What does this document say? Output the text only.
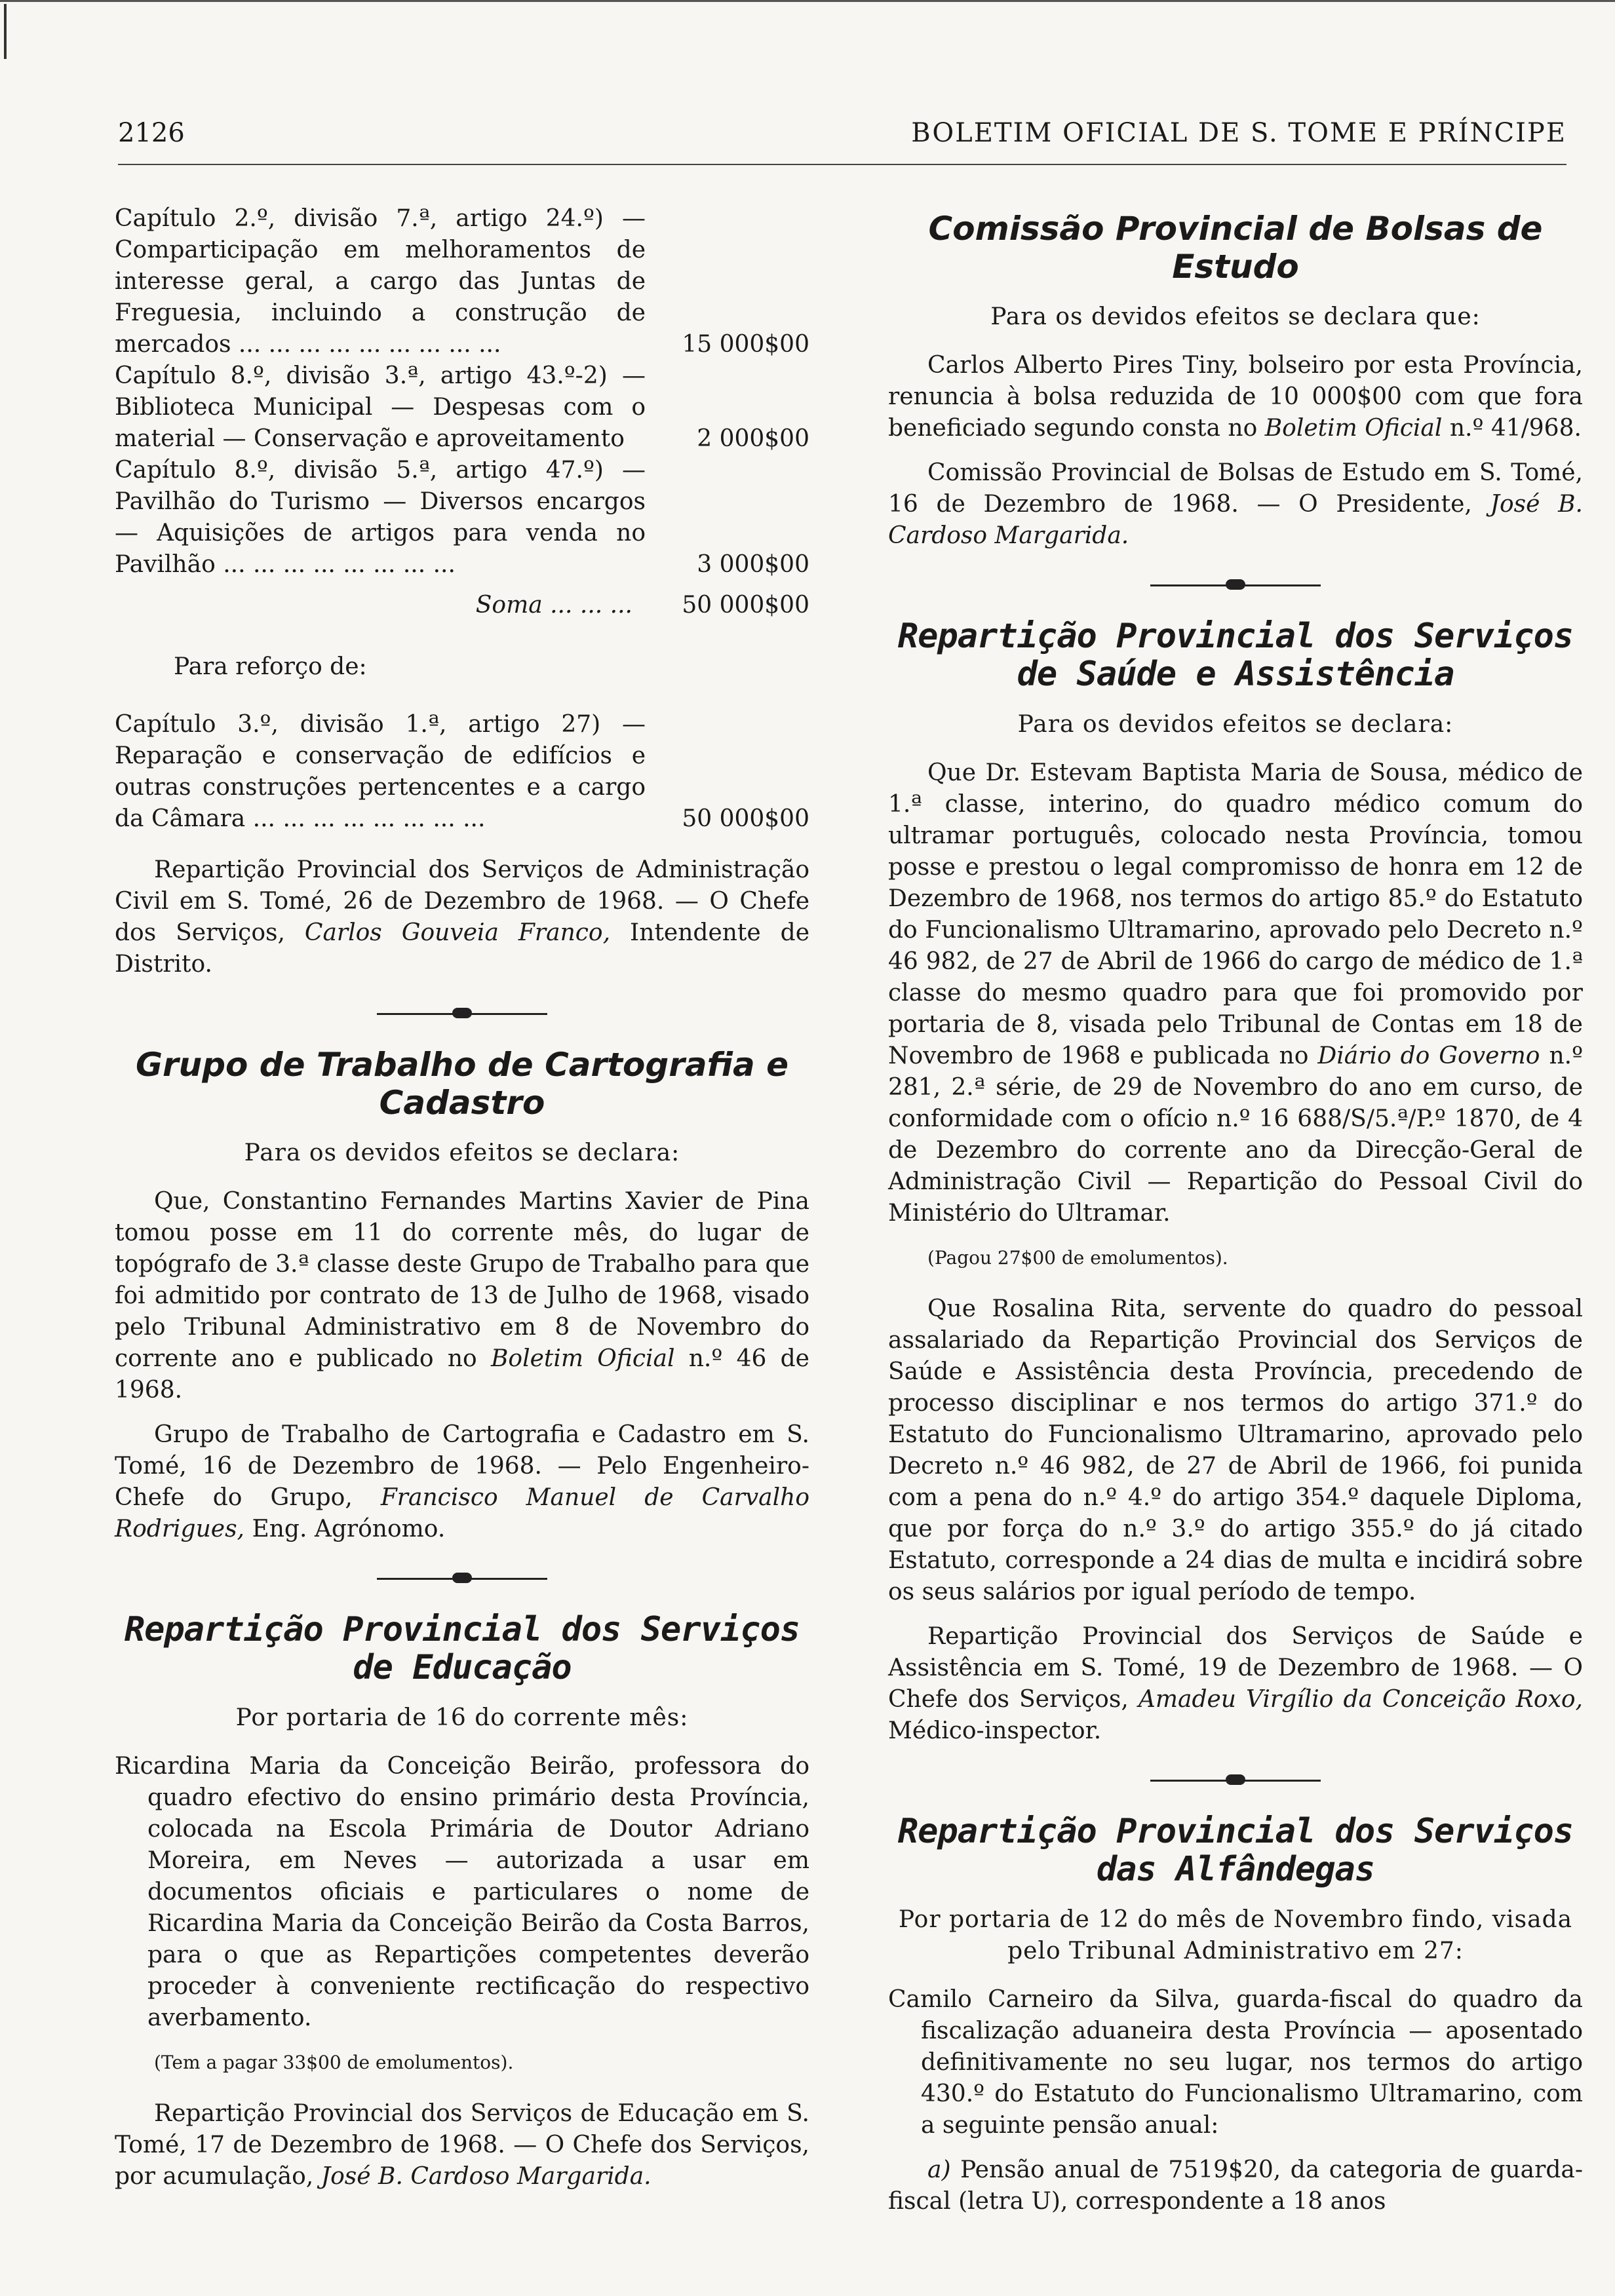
2126	BOLETIM OFICIAL DE S. TOME E PRÍNCIPE

Capítulo 2.º, divisão 7.ª, artigo 24.º) — Comparticipação em melhoramentos de interesse geral, a cargo das Juntas de Freguesia, incluindo a construção de mercados ... ... ... ... ... ... ... ... ...	15 000$00

Capítulo 8.º, divisão 3.ª, artigo 43.º-2) — Biblioteca Municipal — Despesas com o material — Conservação e aproveitamento	2 000$00

Capítulo 8.º, divisão 5.ª, artigo 47.º) — Pavilhão do Turismo — Diversos encargos — Aquisições de artigos para venda no Pavilhão ... ... ... ... ... ... ... ...	3 000$00

Soma ... ... ... 50 000$00

Para reforço de:

Capítulo 3.º, divisão 1.ª, artigo 27) — Reparação e conservação de edifícios e outras construções pertencentes e a cargo da Câmara ... ... ... ... ... ... ... ...	50 000$00

Repartição Provincial dos Serviços de Administração Civil em S. Tomé, 26 de Dezembro de 1968. — O Chefe dos Serviços, Carlos Gouveia Franco, Intendente de Distrito.

Grupo de Trabalho de Cartografia e Cadastro

Para os devidos efeitos se declara:

Que, Constantino Fernandes Martins Xavier de Pina tomou posse em 11 do corrente mês, do lugar de topógrafo de 3.ª classe deste Grupo de Trabalho para que foi admitido por contrato de 13 de Julho de 1968, visado pelo Tribunal Administrativo em 8 de Novembro do corrente ano e publicado no Boletim Oficial n.º 46 de 1968.

Grupo de Trabalho de Cartografia e Cadastro em S. Tomé, 16 de Dezembro de 1968. — Pelo Engenheiro-Chefe do Grupo, Francisco Manuel de Carvalho Rodrigues, Eng. Agrónomo.

Repartição Provincial dos Serviços de Educação

Por portaria de 16 do corrente mês:

Ricardina Maria da Conceição Beirão, professora do quadro efectivo do ensino primário desta Província, colocada na Escola Primária de Doutor Adriano Moreira, em Neves — autorizada a usar em documentos oficiais e particulares o nome de Ricardina Maria da Conceição Beirão da Costa Barros, para o que as Repartições competentes deverão proceder à conveniente rectificação do respectivo averbamento.

(Tem a pagar 33$00 de emolumentos).

Repartição Provincial dos Serviços de Educação em S. Tomé, 17 de Dezembro de 1968. — O Chefe dos Serviços, por acumulação, José B. Cardoso Margarida.

Comissão Provincial de Bolsas de Estudo

Para os devidos efeitos se declara que:

Carlos Alberto Pires Tiny, bolseiro por esta Província, renuncia à bolsa reduzida de 10 000$00 com que fora beneficiado segundo consta no Boletim Oficial n.º 41/968.

Comissão Provincial de Bolsas de Estudo em S. Tomé, 16 de Dezembro de 1968. — O Presidente, José B. Cardoso Margarida.

Repartição Provincial dos Serviços de Saúde e Assistência

Para os devidos efeitos se declara:

Que Dr. Estevam Baptista Maria de Sousa, médico de 1.ª classe, interino, do quadro médico comum do ultramar português, colocado nesta Província, tomou posse e prestou o legal compromisso de honra em 12 de Dezembro de 1968, nos termos do artigo 85.º do Estatuto do Funcionalismo Ultramarino, aprovado pelo Decreto n.º 46 982, de 27 de Abril de 1966 do cargo de médico de 1.ª classe do mesmo quadro para que foi promovido por portaria de 8, visada pelo Tribunal de Contas em 18 de Novembro de 1968 e publicada no Diário do Governo n.º 281, 2.ª série, de 29 de Novembro do ano em curso, de conformidade com o ofício n.º 16 688/S/5.ª/P.º 1870, de 4 de Dezembro do corrente ano da Direcção-Geral de Administração Civil — Repartição do Pessoal Civil do Ministério do Ultramar.

(Pagou 27$00 de emolumentos).

Que Rosalina Rita, servente do quadro do pessoal assalariado da Repartição Provincial dos Serviços de Saúde e Assistência desta Província, precedendo de processo disciplinar e nos termos do artigo 371.º do Estatuto do Funcionalismo Ultramarino, aprovado pelo Decreto n.º 46 982, de 27 de Abril de 1966, foi punida com a pena do n.º 4.º do artigo 354.º daquele Diploma, que por força do n.º 3.º do artigo 355.º do já citado Estatuto, corresponde a 24 dias de multa e incidirá sobre os seus salários por igual período de tempo.

Repartição Provincial dos Serviços de Saúde e Assistência em S. Tomé, 19 de Dezembro de 1968. — O Chefe dos Serviços, Amadeu Virgílio da Conceição Roxo, Médico-inspector.

Repartição Provincial dos Serviços das Alfândegas

Por portaria de 12 do mês de Novembro findo, visada pelo Tribunal Administrativo em 27:

Camilo Carneiro da Silva, guarda-fiscal do quadro da fiscalização aduaneira desta Província — aposentado definitivamente no seu lugar, nos termos do artigo 430.º do Estatuto do Funcionalismo Ultramarino, com a seguinte pensão anual:

a) Pensão anual de 7519$20, da categoria de guarda-fiscal (letra U), correspondente a 18 anos
